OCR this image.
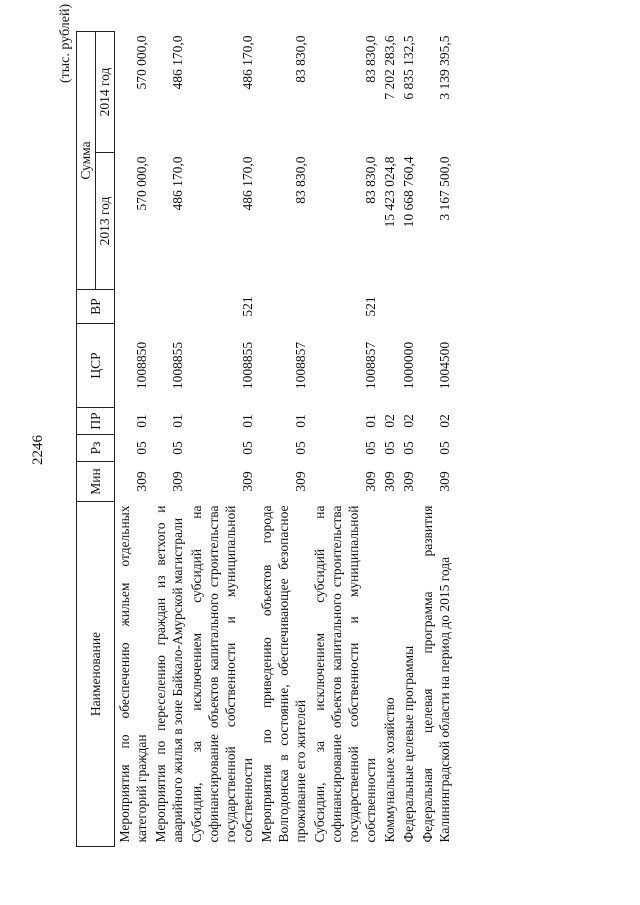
2246
(тыс. рублей)
Наименование	Мин	Рз	ПР	ЦСР	ВР	Сумма	
						2013 год	2014 год
Мероприятия по обеспечению жильем отдельных категорий граждан	309	05	01	1008850		570 000,0	570 000,0
Мероприятия по переселению граждан из ветхого и аварийного жилья в зоне Байкало-Амурской магистрали	309	05	01	1008855		486 170,0	486 170,0
Субсидии, за исключением субсидий на софинансирование объектов капитального строительства государственной собственности и муниципальной собственности	309	05	01	1008855	521	486 170,0	486 170,0
Мероприятия по приведению объектов города Волгодонска в состояние, обеспечивающее безопасное проживание его жителей	309	05	01	1008857		83 830,0	83 830,0
Субсидии, за исключением субсидий на софинансирование объектов капитального строительства государственной собственности и муниципальной собственности	309	05	01	1008857	521	83 830,0	83 830,0
Коммунальное хозяйство	309	05	02			15 423 024,8	7 202 283,6
Федеральные целевые программы	309	05	02	1000000		10 668 760,4	6 835 132,5
Федеральная целевая программа развития Калининградской области на период до 2015 года	309	05	02	1004500		3 167 500,0	3 139 395,5
